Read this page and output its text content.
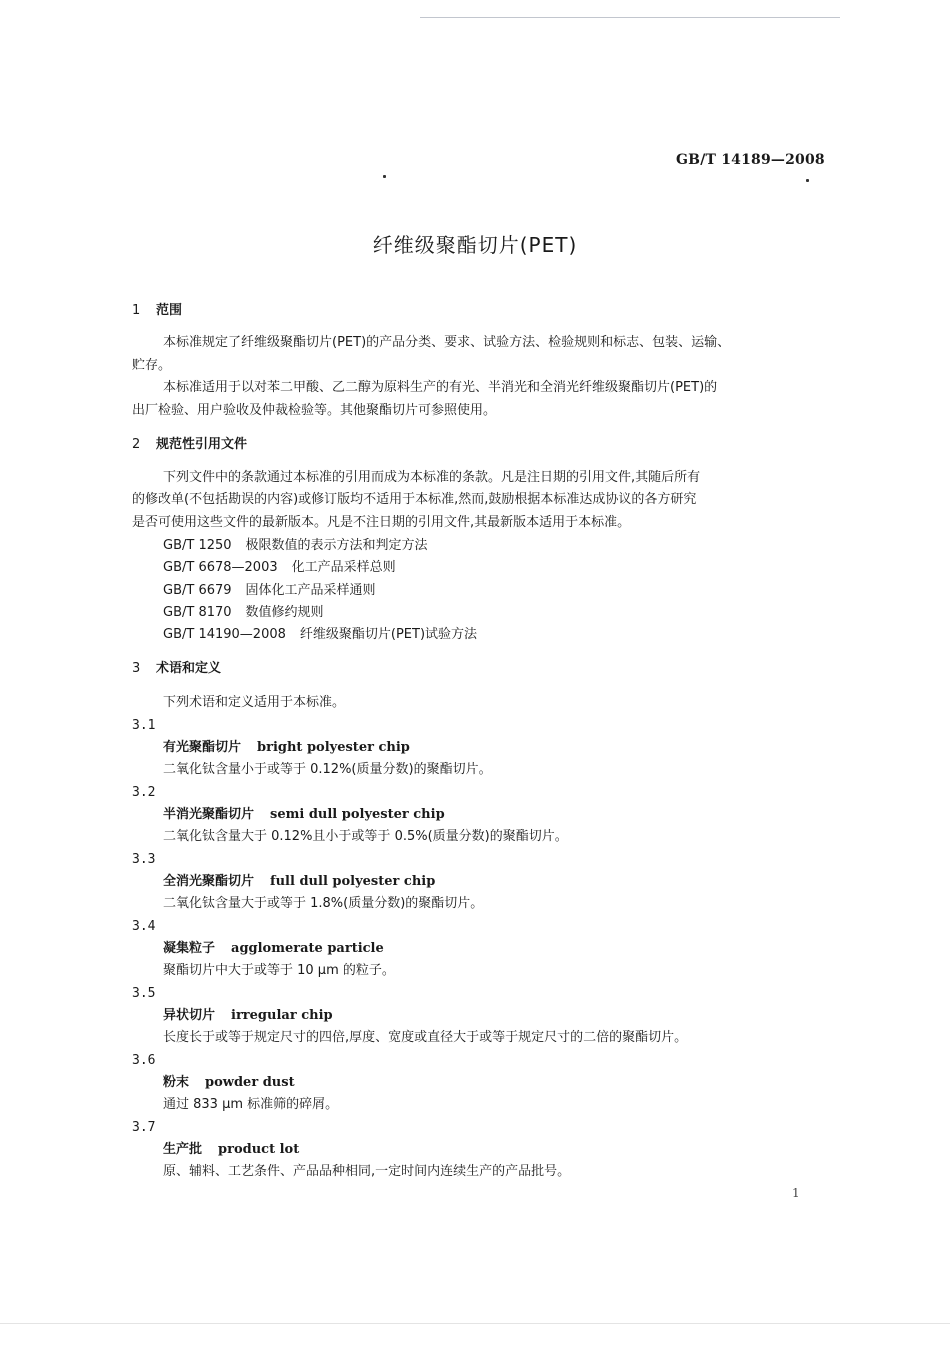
GB/T 14189—2008
纤维级聚酯切片(PET)
1 范围
本标准规定了纤维级聚酯切片(PET)的产品分类、要求、试验方法、检验规则和标志、包装、运输、
贮存。
本标准适用于以对苯二甲酸、乙二醇为原料生产的有光、半消光和全消光纤维级聚酯切片(PET)的
出厂检验、用户验收及仲裁检验等。其他聚酯切片可参照使用。
2 规范性引用文件
下列文件中的条款通过本标准的引用而成为本标准的条款。凡是注日期的引用文件,其随后所有
的修改单(不包括勘误的内容)或修订版均不适用于本标准,然而,鼓励根据本标准达成协议的各方研究
是否可使用这些文件的最新版本。凡是不注日期的引用文件,其最新版本适用于本标准。
GB/T 1250 极限数值的表示方法和判定方法
GB/T 6678—2003 化工产品采样总则
GB/T 6679 固体化工产品采样通则
GB/T 8170 数值修约规则
GB/T 14190—2008 纤维级聚酯切片(PET)试验方法
3 术语和定义
下列术语和定义适用于本标准。
3.1
有光聚酯切片 bright polyester chip
二氧化钛含量小于或等于 0.12%(质量分数)的聚酯切片。
3.2
半消光聚酯切片 semi dull polyester chip
二氧化钛含量大于 0.12%且小于或等于 0.5%(质量分数)的聚酯切片。
3.3
全消光聚酯切片 full dull polyester chip
二氧化钛含量大于或等于 1.8%(质量分数)的聚酯切片。
3.4
凝集粒子 agglomerate particle
聚酯切片中大于或等于 10 μm 的粒子。
3.5
异状切片 irregular chip
长度长于或等于规定尺寸的四倍,厚度、宽度或直径大于或等于规定尺寸的二倍的聚酯切片。
3.6
粉末 powder dust
通过 833 μm 标准筛的碎屑。
3.7
生产批 product lot
原、辅料、工艺条件、产品品种相同,一定时间内连续生产的产品批号。
1
